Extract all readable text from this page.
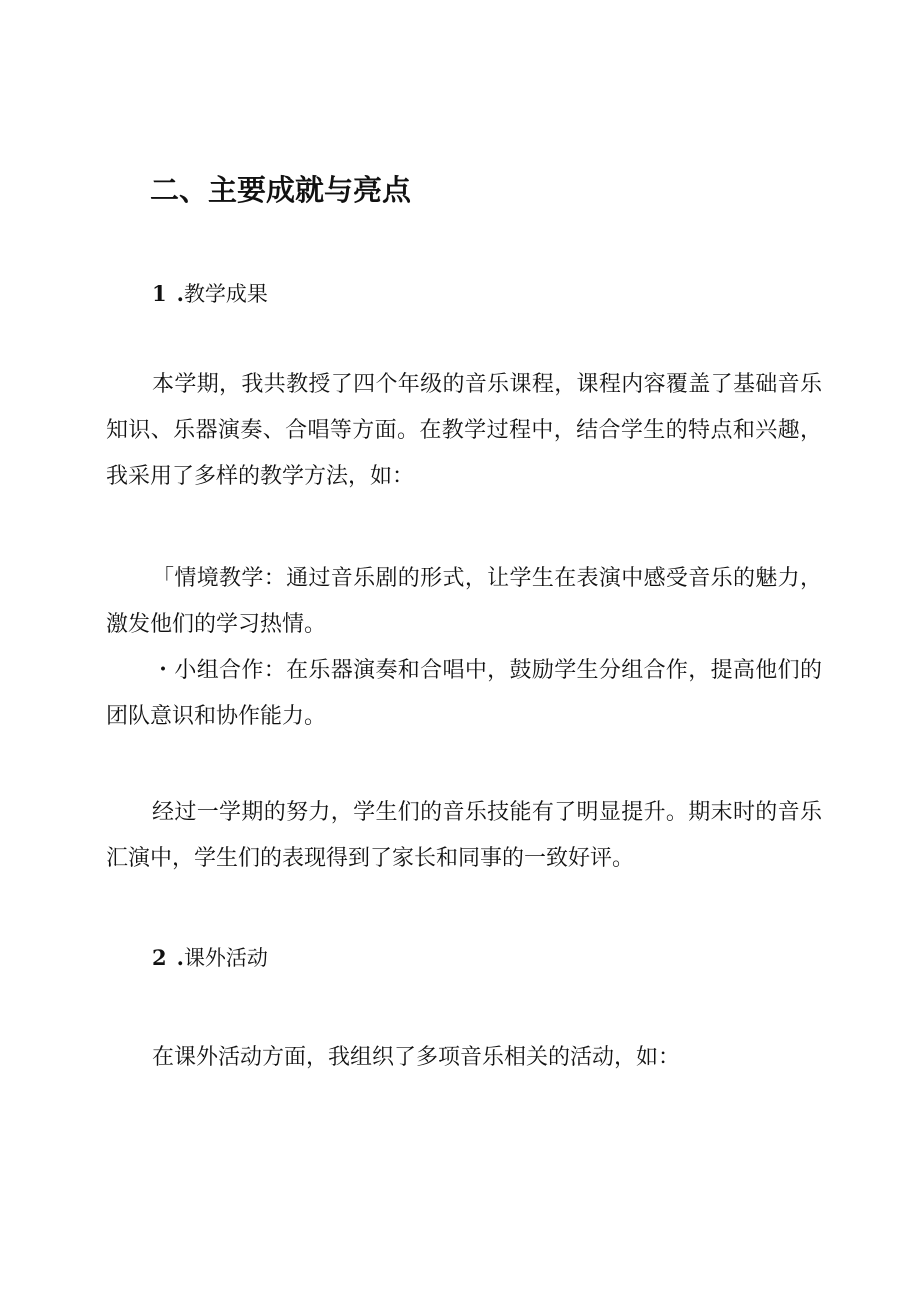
二、主要成就与亮点
1 .教学成果

本学期，我共教授了四个年级的音乐课程，课程内容覆盖了基础音乐知识、乐器演奏、合唱等方面。在教学过程中，结合学生的特点和兴趣，我采用了多样的教学方法，如：

「情境教学：通过音乐剧的形式，让学生在表演中感受音乐的魅力，激发他们的学习热情。

・小组合作：在乐器演奏和合唱中，鼓励学生分组合作，提高他们的团队意识和协作能力。

经过一学期的努力，学生们的音乐技能有了明显提升。期末时的音乐汇演中，学生们的表现得到了家长和同事的一致好评。

2 .课外活动

在课外活动方面，我组织了多项音乐相关的活动，如：
